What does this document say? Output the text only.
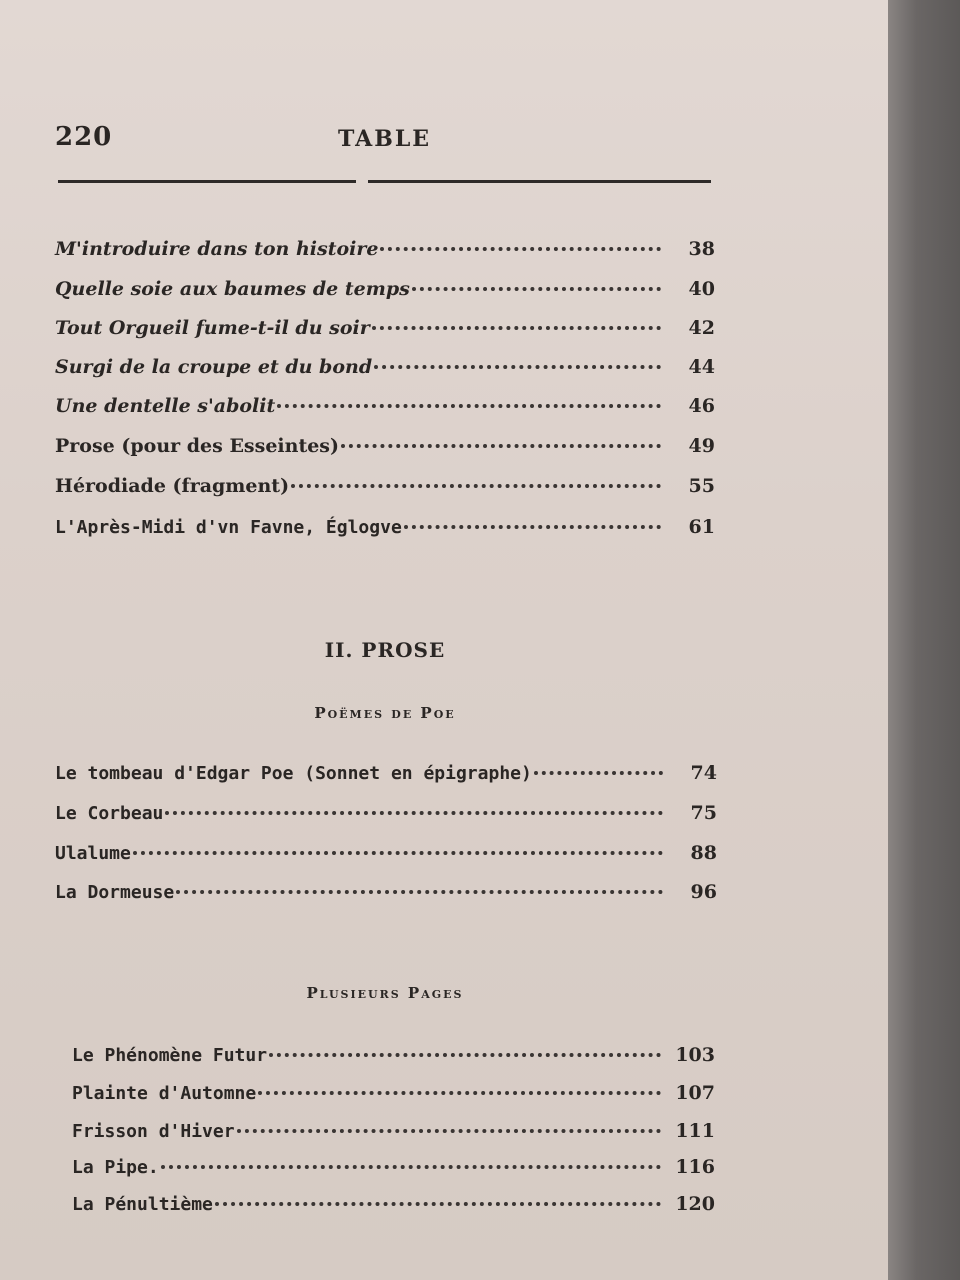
220	TABLE
M'introduire dans ton histoire	38
Quelle soie aux baumes de temps	40
Tout Orgueil fume-t-il du soir	42
Surgi de la croupe et du bond	44
Une dentelle s'abolit	46
Prose (pour des Esseintes)	49
Hérodiade (fragment)	55
L'Après-Midi d'vn Favne, Églogve	61
II. PROSE
Poëmes de Poe
Le tombeau d'Edgar Poe (Sonnet en épigraphe)	74
Le Corbeau	75
Ulalume	88
La Dormeuse	96
Plusieurs Pages
Le Phénomène Futur	103
Plainte d'Automne	107
Frisson d'Hiver	111
La Pipe.	116
La Pénultième	120
